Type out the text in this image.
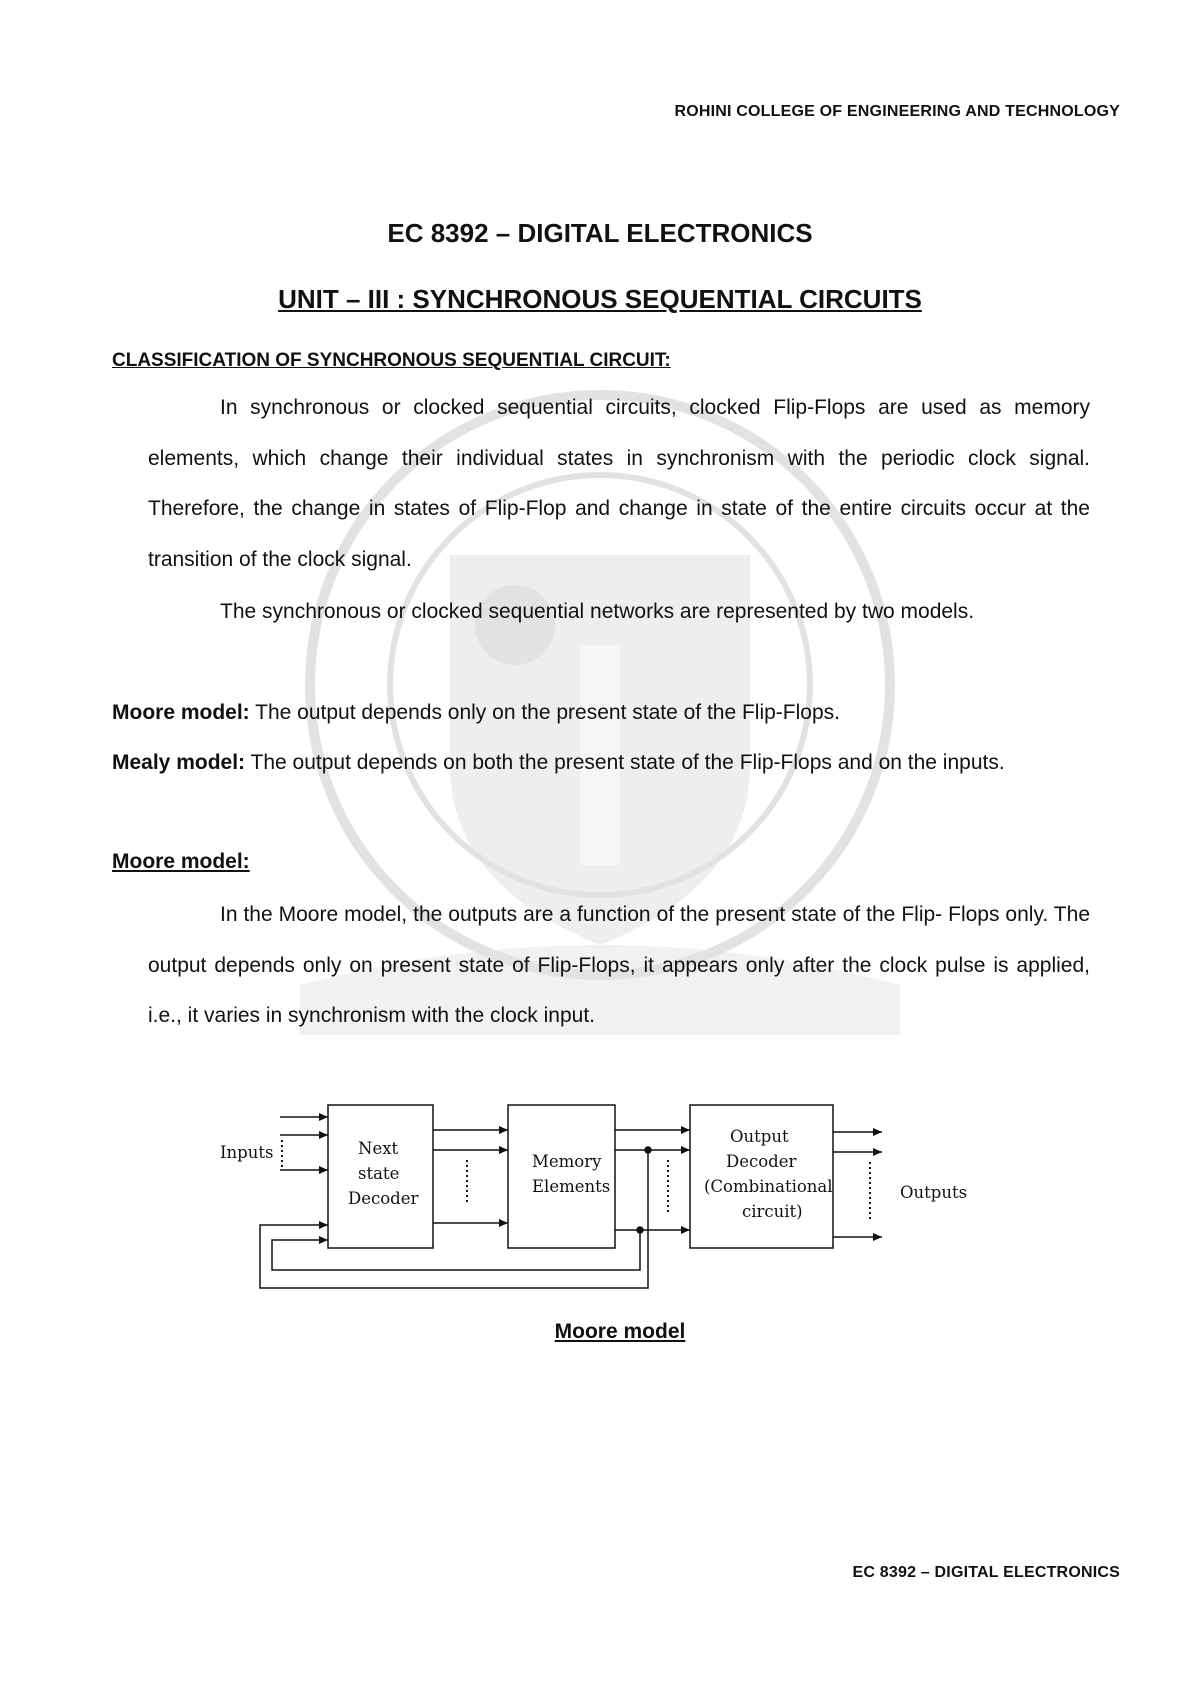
ROHINI COLLEGE OF ENGINEERING AND TECHNOLOGY
EC 8392 – DIGITAL ELECTRONICS
UNIT – III : SYNCHRONOUS SEQUENTIAL CIRCUITS
CLASSIFICATION OF SYNCHRONOUS SEQUENTIAL CIRCUIT:
In synchronous or clocked sequential circuits, clocked Flip-Flops are used as memory elements, which change their individual states in synchronism with the periodic clock signal. Therefore, the change in states of Flip-Flop and change in state of the entire circuits occur at the transition of the clock signal.
The synchronous or clocked sequential networks are represented by two models.
Moore model: The output depends only on the present state of the Flip-Flops.
Mealy model: The output depends on both the present state of the Flip-Flops and on the inputs.
Moore model:
In the Moore model, the outputs are a function of the present state of the Flip- Flops only. The output depends only on present state of Flip-Flops, it appears only after the clock pulse is applied, i.e., it varies in synchronism with the clock input.
Inputs
Outputs
Next
state
Decoder
Memory
Elements
Output
Decoder
(Combinational
circuit)
Moore model
EC 8392 – DIGITAL ELECTRONICS
